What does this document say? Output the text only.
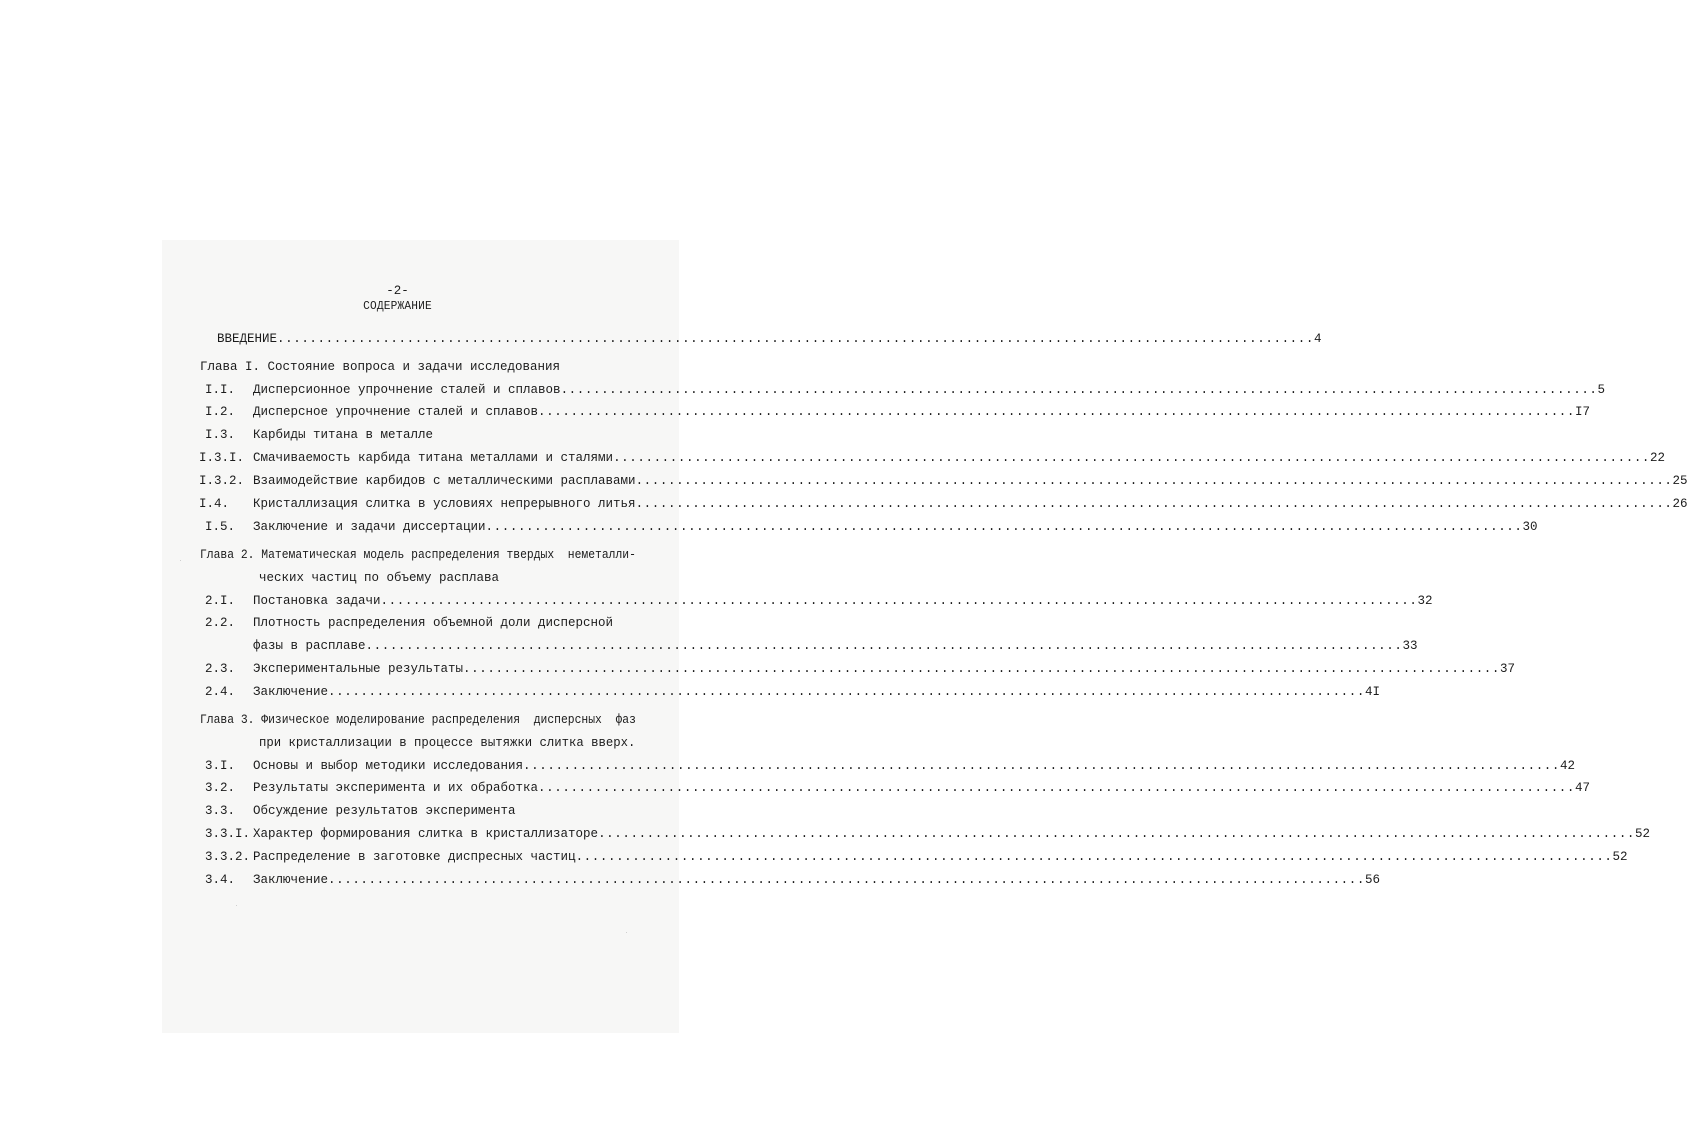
-2-
СОДЕРЖАНИЕ
ВВЕДЕНИЕ .....	4
Глава I. Состояние вопроса и задачи исследования
I.I. Дисперсионное упрочнение сталей и сплавов .....	5
I.2. Дисперсное упрочнение сталей и сплавов .....	I7
I.3. Карбиды титана в металле
I.3.I. Смачиваемость карбида титана металлами и сталями .....	22
I.3.2. Взаимодействие карбидов с металлическими расплавами .....	25
I.4. Кристаллизация слитка в условиях непрерывного литья .....	26
I.5. Заключение и задачи диссертации .....	30
Глава 2. Математическая модель распределения твердых  неметалли-
ческих частиц по объему расплава
2.I. Постановка задачи .....	32
2.2. Плотность распределения объемной доли дисперсной
фазы в расплаве .....	33
2.3. Экспериментальные результаты .....	37
2.4. Заключение .....	4I
Глава 3. Физическое моделирование распределения  дисперсных  фаз
при кристаллизации в процессе вытяжки слитка вверх.
3.I. Основы и выбор методики исследования .....	42
3.2. Результаты эксперимента и их обработка .....	47
3.3. Обсуждение результатов эксперимента
3.3.I. Характер формирования слитка в кристаллизаторе .....	52
3.3.2. Распределение в заготовке диспресных частиц .....	52
3.4. Заключение .....	56
